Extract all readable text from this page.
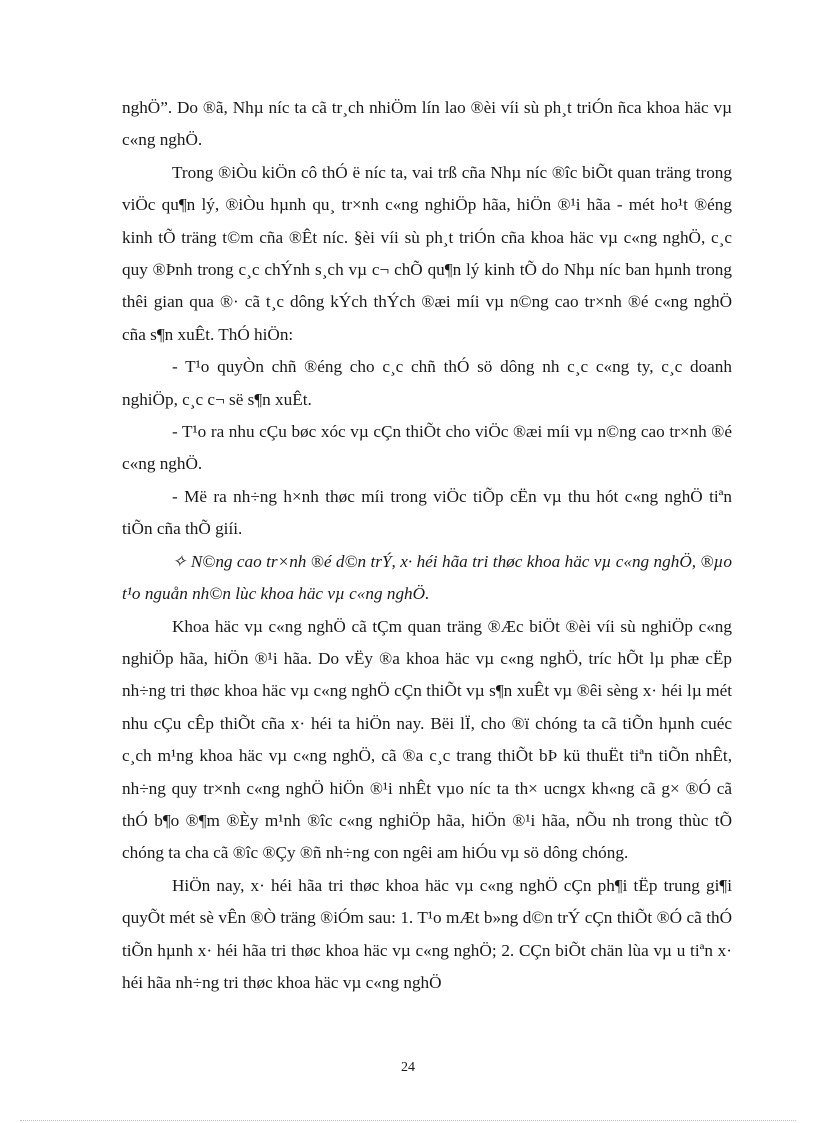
nghÖ”. Do ®ã, Nhµ níc ta cã tr¸ch nhiÖm lín lao ®èi víi sù ph¸t triÓn ñca khoa häc vµ c«ng nghÖ.

Trong ®iÒu kiÖn cô thÓ ë níc ta, vai trß cña Nhµ níc ®îc biÕt quan träng trong viÖc qu¶n lý, ®iÒu hµnh qu¸ tr×nh c«ng nghiÖp hãa, hiÖn ®¹i hãa - mét ho¹t ®éng kinh tÕ träng t©m cña ®Êt níc. §èi víi sù ph¸t triÓn cña khoa häc vµ c«ng nghÖ, c¸c quy ®Þnh trong c¸c chÝnh s¸ch vµ c¬ chÕ qu¶n lý kinh tÕ do Nhµ níc ban hµnh trong thêi gian qua ®· cã t¸c dông kÝch thÝch ®æi míi vµ n©ng cao tr×nh ®é c«ng nghÖ cña s¶n xuÊt. ThÓ hiÖn:

- T¹o quyÒn chñ ®éng cho c¸c chñ thÓ sö dông nh c¸c c«ng ty, c¸c doanh nghiÖp, c¸c c¬ së s¶n xuÊt.

- T¹o ra nhu cÇu bøc xóc vµ cÇn thiÕt cho viÖc ®æi míi vµ n©ng cao tr×nh ®é c«ng nghÖ.

- Më ra nh÷ng h×nh thøc míi trong viÖc tiÕp cËn vµ thu hót c«ng nghÖ tiªn tiÕn cña thÕ giíi.

✧ N©ng cao tr×nh ®é d©n trÝ, x· héi hãa tri thøc khoa häc vµ c«ng nghÖ, ®µo t¹o nguån nh©n lùc khoa häc vµ c«ng nghÖ.

Khoa häc vµ c«ng nghÖ cã tÇm quan träng ®Æc biÖt ®èi víi sù nghiÖp c«ng nghiÖp hãa, hiÖn ®¹i hãa. Do vËy ®a khoa häc vµ c«ng nghÖ, tríc hÕt lµ phæ cËp nh÷ng tri thøc khoa häc vµ c«ng nghÖ cÇn thiÕt vµ s¶n xuÊt vµ ®êi sèng x· héi lµ mét nhu cÇu cÊp thiÕt cña x· héi ta hiÖn nay. Bëi lÏ, cho ®ï chóng ta cã tiÕn hµnh cuéc c¸ch m¹ng khoa häc vµ c«ng nghÖ, cã ®a c¸c trang thiÕt bÞ kü thuËt tiªn tiÕn nhÊt, nh÷ng quy tr×nh c«ng nghÖ hiÖn ®¹i nhÊt vµo níc ta th× ucngx kh«ng cã g× ®Ó cã thÓ b¶o ®¶m ®Èy m¹nh ®îc c«ng nghiÖp hãa, hiÖn ®¹i hãa, nÕu nh trong thùc tÕ chóng ta cha cã ®îc ®Çy ®ñ nh÷ng con ngêi am hiÓu vµ sö dông chóng.

HiÖn nay, x· héi hãa tri thøc khoa häc vµ c«ng nghÖ cÇn ph¶i tËp trung gi¶i quyÕt mét sè vÊn ®Ò träng ®iÓm sau: 1. T¹o mÆt b»ng d©n trÝ cÇn thiÕt ®Ó cã thÓ tiÕn hµnh x· héi hãa tri thøc khoa häc vµ c«ng nghÖ; 2. CÇn biÕt chän lùa vµ u tiªn x· héi hãa nh÷ng tri thøc khoa häc vµ c«ng nghÖ

24
